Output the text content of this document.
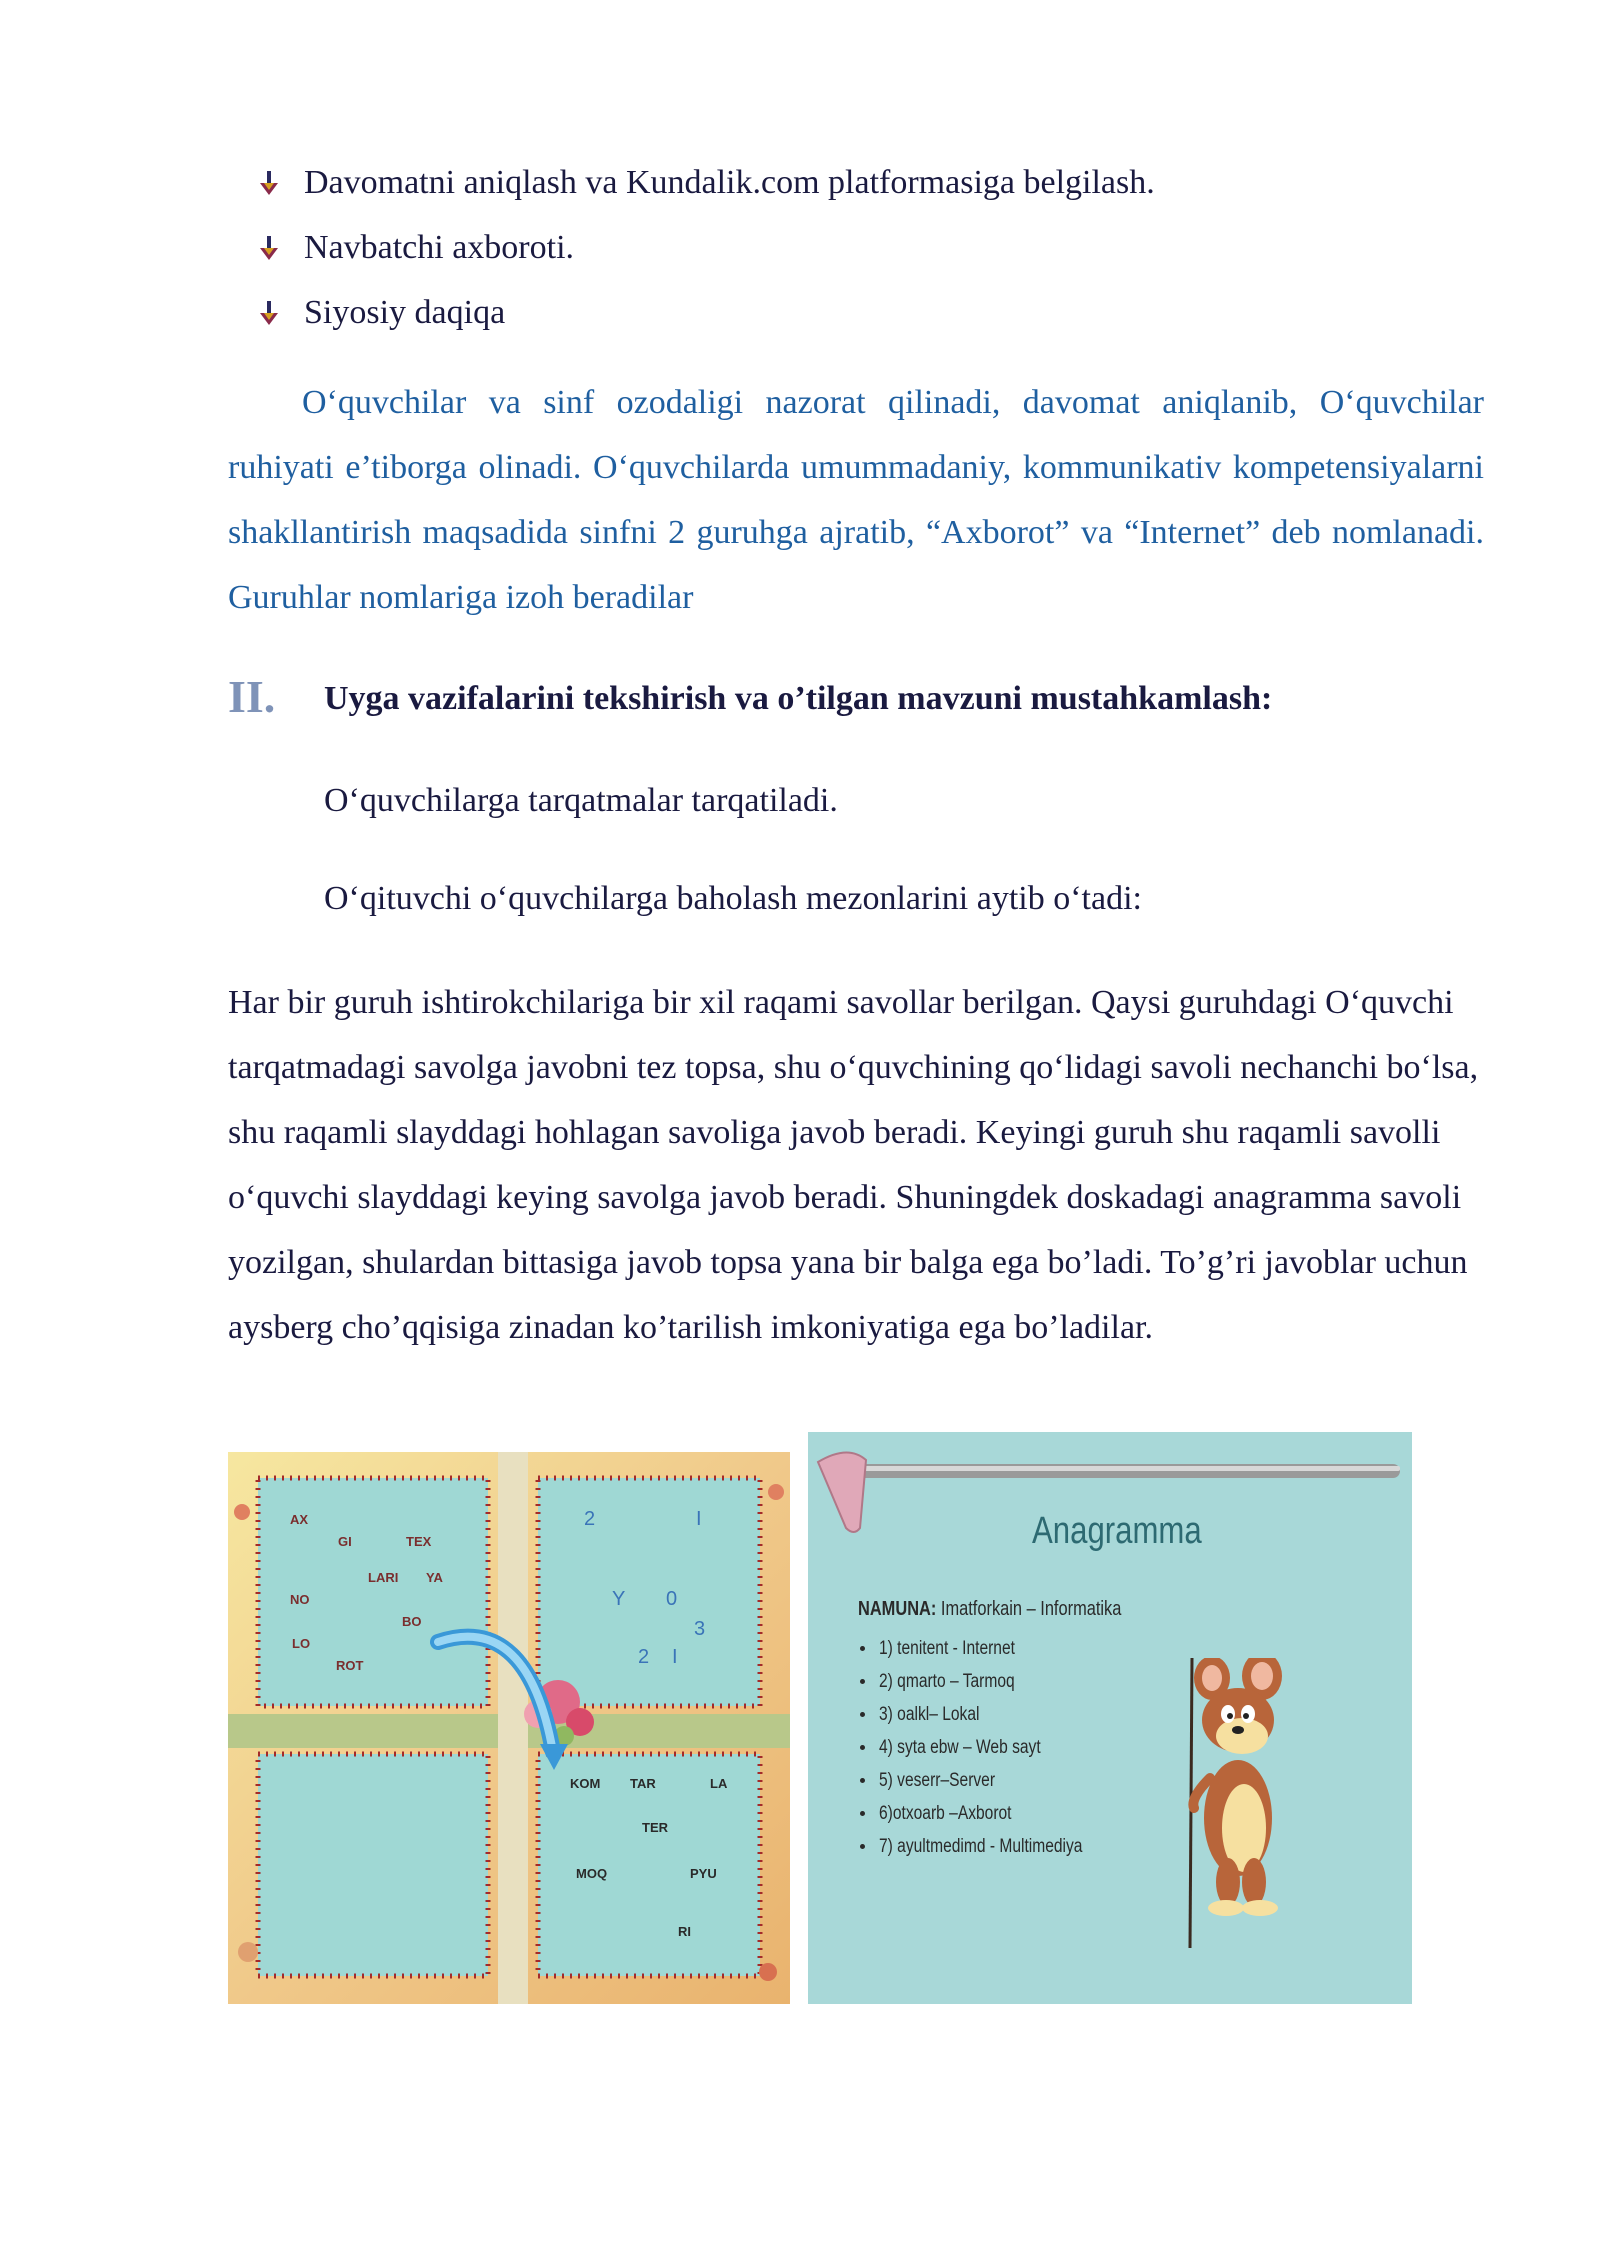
Davomatni aniqlash va Kundalik.com platformasiga belgilash.
Navbatchi axboroti.
Siyosiy daqiqa

O‘quvchilar va sinf ozodaligi nazorat qilinadi, davomat aniqlanib, O‘quvchilar ruhiyati e’tiborga olinadi. O‘quvchilarda umummadaniy, kommunikativ kompetensiyalarni shakllantirish maqsadida sinfni 2 guruhga ajratib, “Axborot” va “Internet” deb nomlanadi. Guruhlar nomlariga izoh beradilar

II. Uyga vazifalarini tekshirish va o’tilgan mavzuni mustahkamlash:

O‘quvchilarga tarqatmalar tarqatiladi.

O‘qituvchi o‘quvchilarga baholash mezonlarini aytib o‘tadi:

Har bir guruh ishtirokchilariga bir xil raqami savollar berilgan. Qaysi guruhdagi O‘quvchi tarqatmadagi savolga javobni tez topsa, shu o‘quvchining qo‘lidagi savoli nechanchi bo‘lsa, shu raqamli slayddagi hohlagan savoliga javob beradi. Keyingi guruh shu raqamli savolli o‘quvchi slayddagi keying savolga javob beradi. Shuningdek doskadagi anagramma savoli yozilgan, shulardan bittasiga javob topsa yana bir balga ega bo’ladi. To’g’ri javoblar uchun aysberg cho’qqisiga zinadan ko’tarilish imkoniyatiga ega bo’ladilar.

AX
GI	TEX
LARI YA
NO
BO
LO
ROT
2	I
Y 0
3
2 I
KOM TAR	LA
TER
MOQ	PYU
RI
Anagramma
NAMUNA: Imatforkain – Informatika
1) tenitent - Internet
2) qmarto – Tarmoq
3) oalkl– Lokal
4) syta ebw – Web sayt
5) veserr–Server
6)otxoarb –Axborot
7) ayultmedimd - Multimediya
